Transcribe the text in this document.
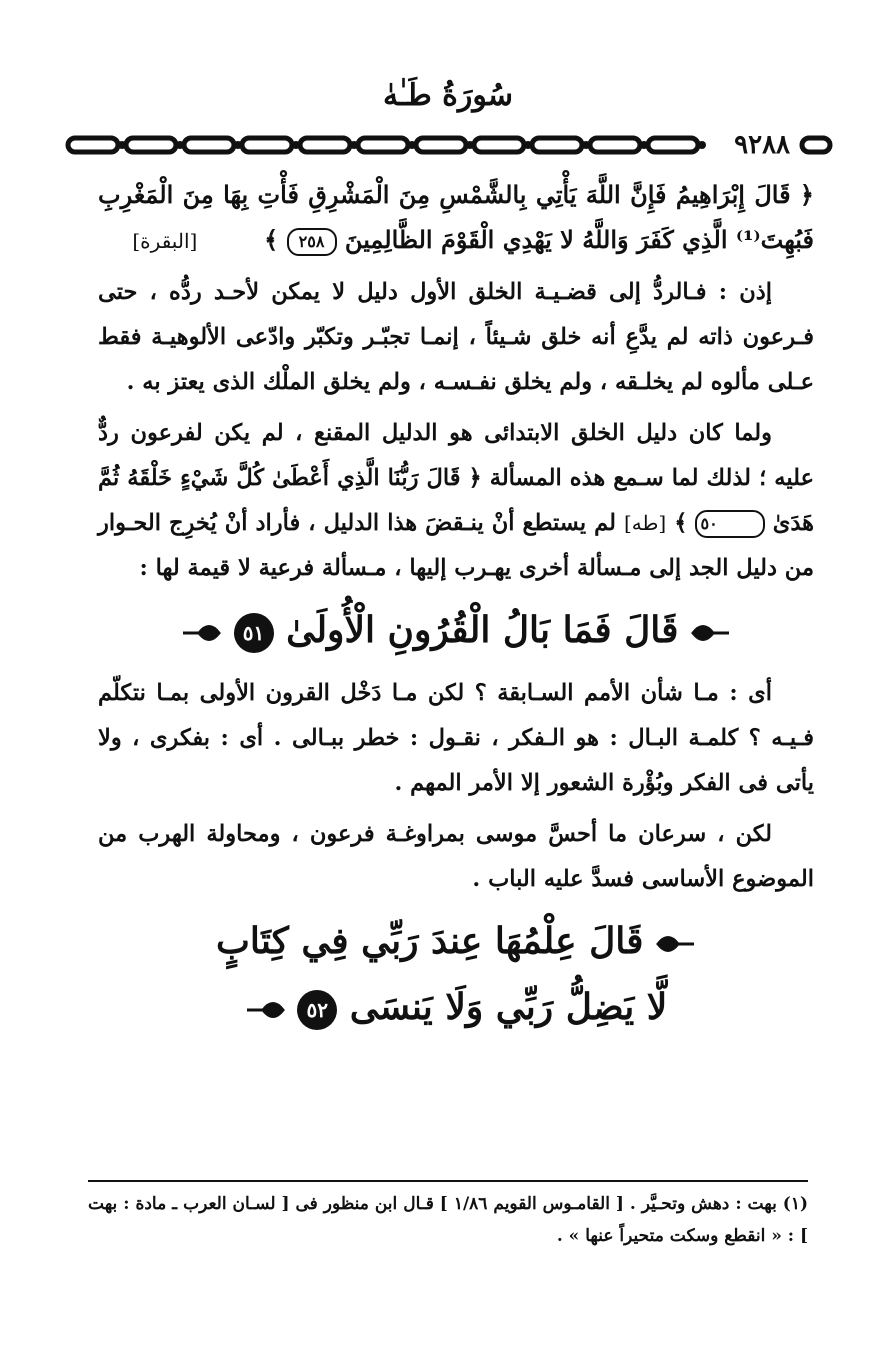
سُورَةُ طَـٰهٰ
٩٢٨٨

﴿ قَالَ إِبْرَاهِيمُ فَإِنَّ اللَّهَ يَأْتِي بِالشَّمْسِ مِنَ الْمَشْرِقِ فَأْتِ بِهَا مِنَ الْمَغْرِبِ فَبُهِتَ⁽¹⁾ الَّذِي كَفَرَ وَاللَّهُ لا يَهْدِي الْقَوْمَ الظَّالِمِينَ ٢٥٨ ﴾        [البقرة]

إذن : فـالردُّ إلى قضـيـة الخلق الأول دليل لا يمكن لأحـد ردُّه ، حتى فـرعون ذاته لم يدَّعِ أنه خلق شـيئاً ، إنمـا تجبّـر وتكبّر وادّعى الألوهيـة فقط عـلى مألوه لم يخلـقه ، ولم يخلق نفـسـه ، ولم يخلق الملْك الذى يعتز به .

ولما كان دليل الخلق الابتدائى هو الدليل المقنع ، لم يكن لفرعون ردٌّ عليه ؛ لذلك لما سـمع هذه المسألة ﴿ قَالَ رَبُّنَا الَّذِي أَعْطَىٰ كُلَّ شَيْءٍ خَلْقَهُ ثُمَّ هَدَىٰ ٥٠ ﴾ [طه] لم يستطع أنْ ينـقضَ هذا الدليل ، فأراد أنْ يُخرِج الحـوار من دليل الجد إلى مـسألة أخرى يهـرب إليها ، مـسألة فرعية لا قيمة لها :

قَالَ فَمَا بَالُ الْقُرُونِ الْأُولَىٰ ٥١

أى : مـا شأن الأمم السـابقة ؟ لكن مـا دَخْل القرون الأولى بمـا نتكلّم فـيـه ؟ كلمـة البـال : هو الـفكر ، نقـول : خطر ببـالى . أى : بفكرى ، ولا يأتى فى الفكر وبُؤْرة الشعور إلا الأمر المهم .

لكن ، سرعان ما أحسَّ موسى بمراوغـة فرعون ، ومحاولة الهرب من الموضوع الأساسى فسدَّ عليه الباب .

قَالَ عِلْمُهَا عِندَ رَبِّي فِي كِتَابٍ
لَّا يَضِلُّ رَبِّي وَلَا يَنسَى ٥٢
(١) بهت : دهش وتحـيَّر . [ القامـوس القويم ١/٨٦ ] قـال ابن منظور فى [ لسـان العرب ـ مادة : بهت ] : « انقطع وسكت متحيراً عنها » .
